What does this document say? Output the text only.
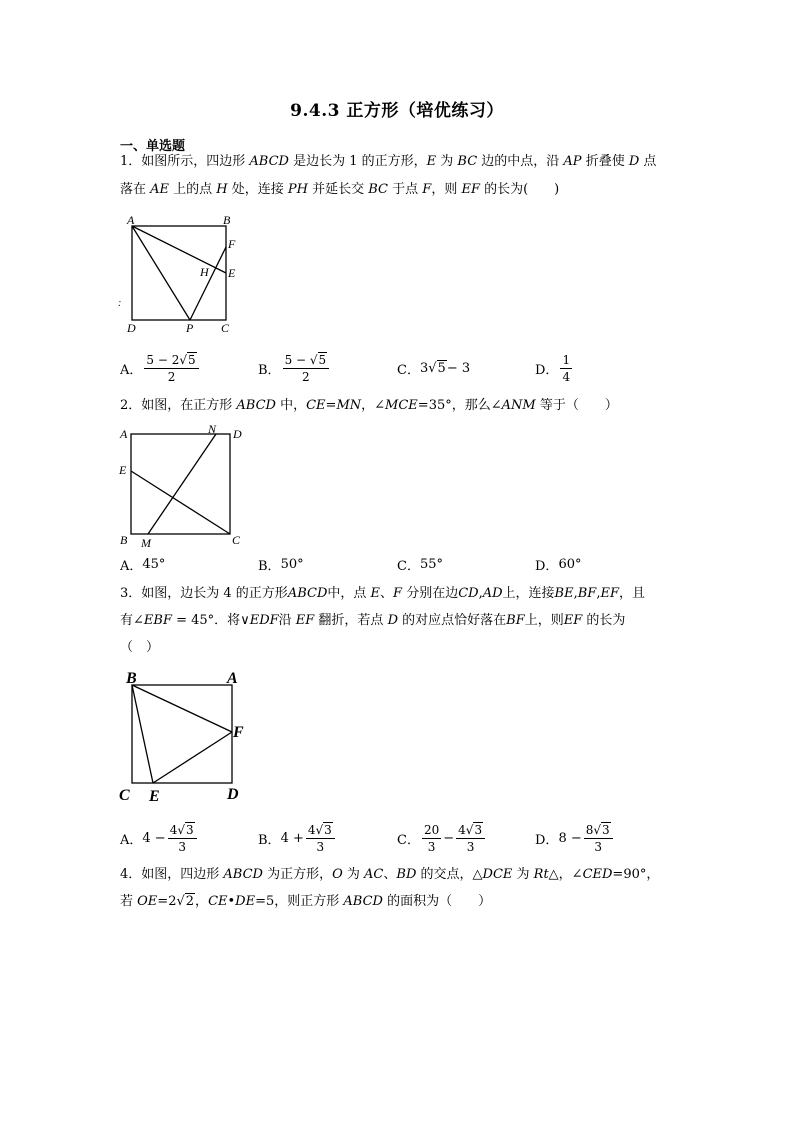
9.4.3 正方形（培优练习）
一、单选题
1．如图所示，四边形 ABCD 是边长为 1 的正方形，E 为 BC 边的中点，沿 AP 折叠使 D 点
落在 AE 上的点 H 处，连接 PH 并延长交 BC 于点 F，则 EF 的长为(　　)
A	B
F
H E
D	P C
:
A． $\frac{5 - 2√5}{2}$	B． $\frac{5 - √5}{2}$	C． 3 √5 − 3	D． $\frac{1}{4}$
2．如图，在正方形 ABCD 中，CE=MN，∠MCE=35°，那么∠ANM 等于（　　）
A	N D
E
B M	C
A． 45°	B． 50°	C． 55°	D． 60°
3．如图，边长为 4 的正方形ABCD中，点 E、F 分别在边CD,AD上，连接BE,BF,EF，且
有∠EBF = 45°．将∨EDF沿 EF 翻折，若点 D 的对应点恰好落在BF上，则EF 的长为
（　）
B	A
F
C E	D
A． $4 - \frac{4√3}{3}$	B． $4 + \frac{4√3}{3}$	C． $\frac{20}{3} - \frac{4√3}{3}$	D． $8 - \frac{8√3}{3}$
4．如图，四边形 ABCD 为正方形，O 为 AC、BD 的交点，△DCE 为 Rt△，∠CED=90°，
若 OE=2√2，CE•DE=5，则正方形 ABCD 的面积为（　　）
